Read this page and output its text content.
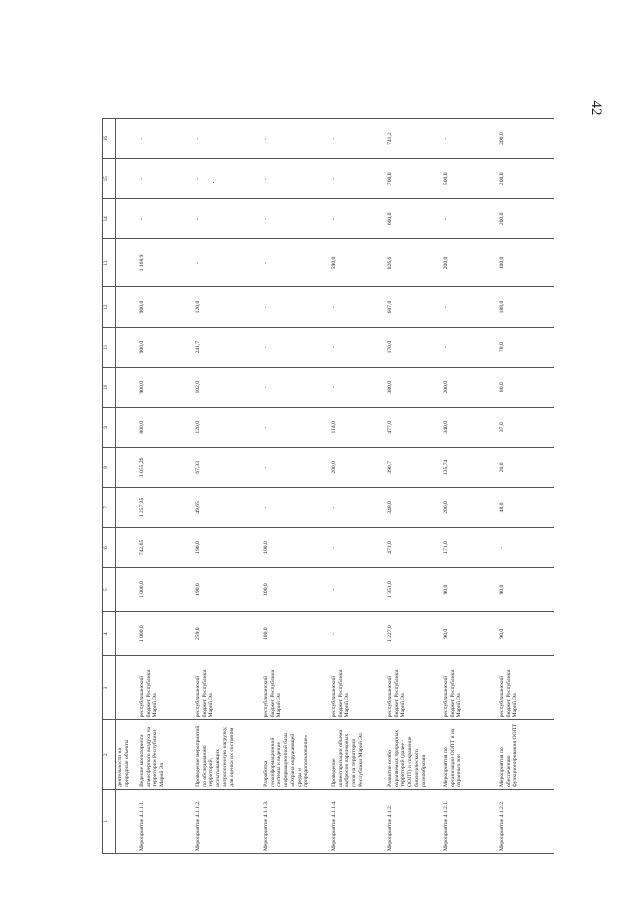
42
1	2	3	4	5	6	7	8	9	10	11	12	13	14	15	16
	деятельности на природные объекты														
Мероприятие 4.1.1.1.	Ведение мониторинга атмосферного воздуха на территории Республики Марий Эл	республиканский бюджет Республики Марий Эл	1 000,0	1 000,0	742,65	1 257,35	1 055,26	800,0	900,0	900,0	900,0	1 168,9	-	-	-
Мероприятие 4.1.1.2.	Проведение мероприятий по обследованию территорий, испытывающих антропогенную нагрузку, для оценки их состояния	республиканский бюджет Республики Марий Эл	259,0	190,0	190,0	49,65	67,33	120,0	102,0	241,7	120,0	-	-	-	-
Мероприятие 4.1.1.3.	Разработка геоинформационной системы и ведение информационной базы «Охрана окружающей среды и природопользование»	республиканский бюджет Республики Марий Эл	100,0	100,0	100,0	-	-	-	-	-	-	-	-	-	-
Мероприятие 4.1.1.4.	Проведение инвентаризации объема выбросов парниковых газов на территории Республики Марий Эл	республиканский бюджет Республики Марий Эл	-	-	-	-	200,0	114,0	-	-	-	590,0	-	-	-
Мероприятие 4.1.2.	Развитие особо охраняемых природных территорий (далее - ООПТ) и сохранение биологического разнообразия	республиканский бюджет Республики Марий Эл	1 227,0	1 351,0	471,0	348,0	390,7	477,0	380,0	170,0	607,0	826,6	600,0	700,0	741,2
Мероприятие 4.1.2.1.	Мероприятия по организации ООПТ и их охранных зон	республиканский бюджет Республики Марий Эл	90,0	90,0	171,0	200,0	135,74	340,0	200,0	-	-	200,0	-	500,0	-
Мероприятие 4.1.2.2.	Мероприятия по обеспечению функционирования ООПТ	республиканский бюджет Республики Марий Эл	90,0	90,0	-	48,0	20,0	37,0	80,0	78,0	188,0	100,0	200,0	200,0	200,0
